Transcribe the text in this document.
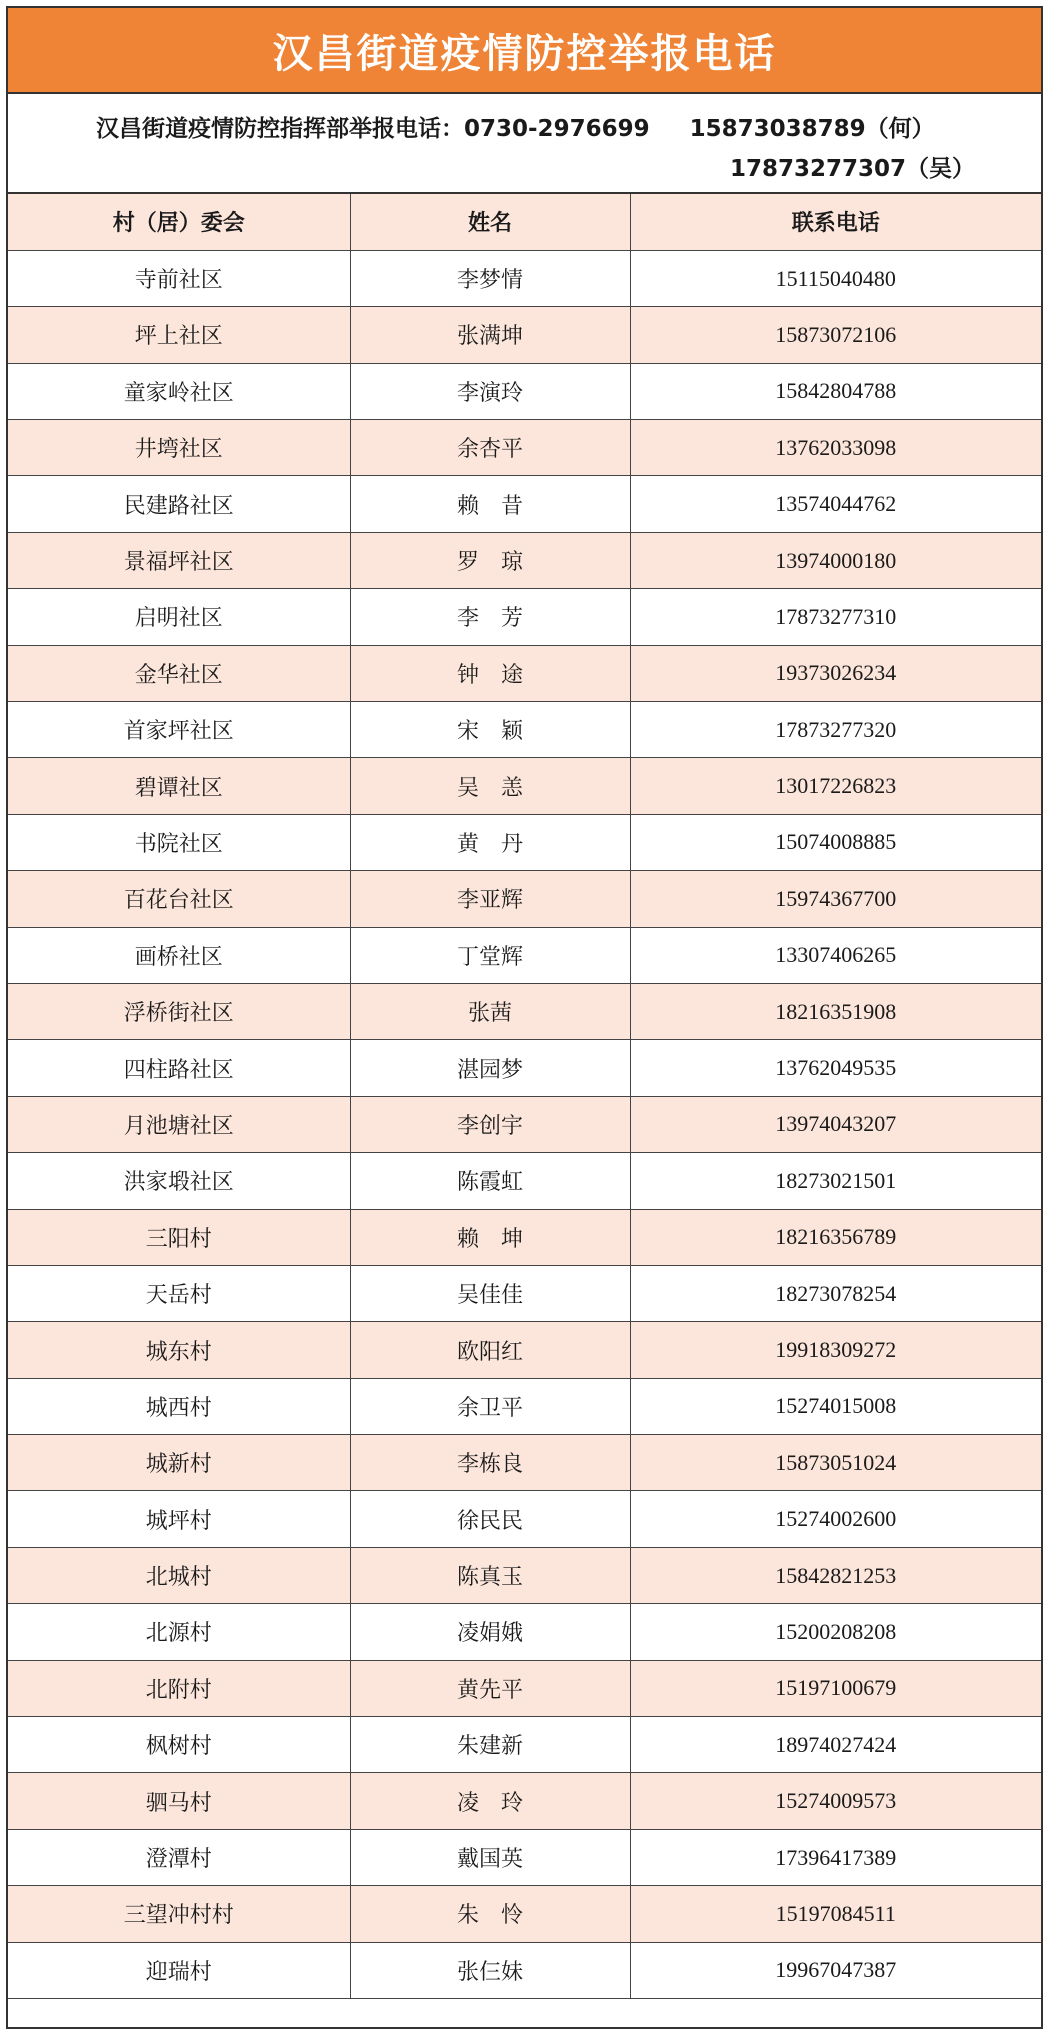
汉昌街道疫情防控举报电话
汉昌街道疫情防控指挥部举报电话：0730-2976699 15873038789（何）
17873277307（吴）
村（居）委会	姓名	联系电话
寺前社区	李梦情	15115040480
坪上社区	张满坤	15873072106
童家岭社区	李演玲	15842804788
井塆社区	余杏平	13762033098
民建路社区	赖　昔	13574044762
景福坪社区	罗　琼	13974000180
启明社区	李　芳	17873277310
金华社区	钟　途	19373026234
首家坪社区	宋　颖	17873277320
碧谭社区	吴　恙	13017226823
书院社区	黄　丹	15074008885
百花台社区	李亚辉	15974367700
画桥社区	丁堂辉	13307406265
浮桥街社区	张茜	18216351908
四柱路社区	湛园梦	13762049535
月池塘社区	李创宇	13974043207
洪家塅社区	陈霞虹	18273021501
三阳村	赖　坤	18216356789
天岳村	吴佳佳	18273078254
城东村	欧阳红	19918309272
城西村	余卫平	15274015008
城新村	李栋良	15873051024
城坪村	徐民民	15274002600
北城村	陈真玉	15842821253
北源村	凌娟娥	15200208208
北附村	黄先平	15197100679
枫树村	朱建新	18974027424
驷马村	凌　玲	15274009573
澄潭村	戴国英	17396417389
三望冲村村	朱　怜	15197084511
迎瑞村	张仨妹	19967047387
